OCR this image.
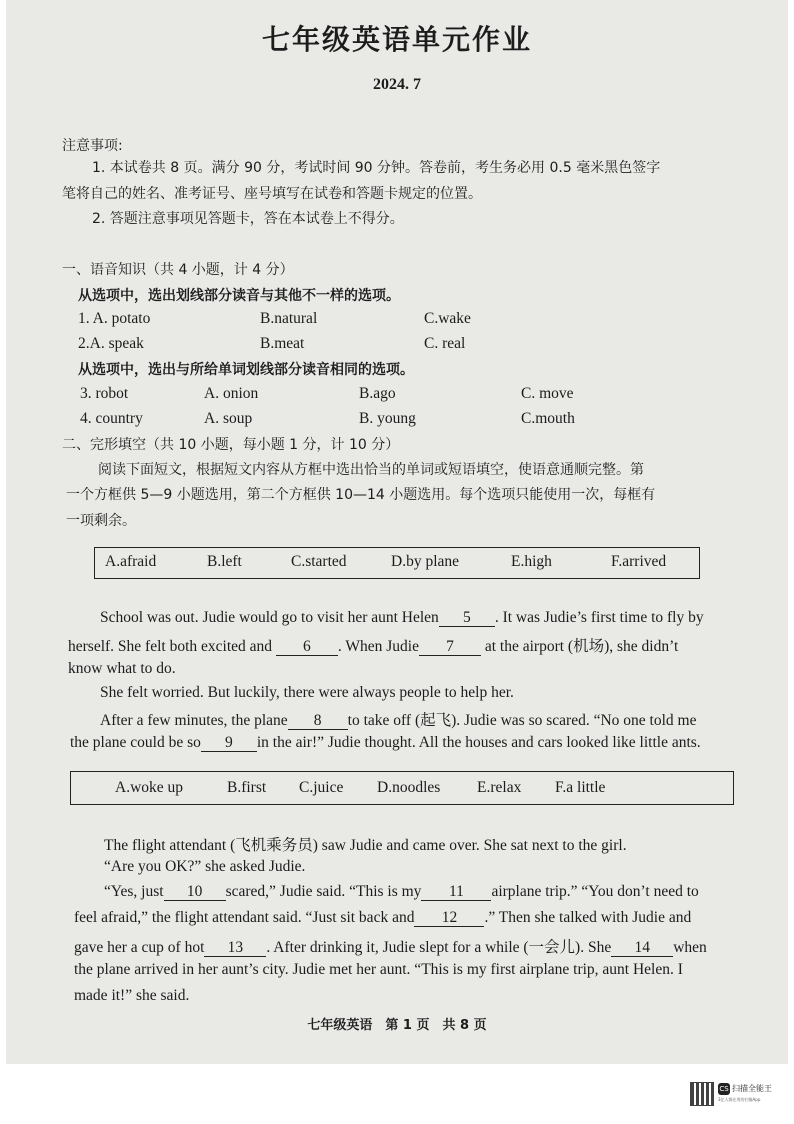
七年级英语单元作业
2024. 7
注意事项:
1. 本试卷共 8 页。满分 90 分，考试时间 90 分钟。答卷前，考生务必用 0.5 毫米黑色签字
笔将自己的姓名、准考证号、座号填写在试卷和答题卡规定的位置。
2. 答题注意事项见答题卡，答在本试卷上不得分。
一、语音知识（共 4 小题，计 4 分）
从选项中，选出划线部分读音与其他不一样的选项。
1. A. potato	B.natural	C.wake
2.A. speak	B.meat	C. real
从选项中，选出与所给单词划线部分读音相同的选项。
3. robot	A. onion	B.ago	C. move
4. country	A. soup	B. young	C.mouth
二、完形填空（共 10 小题，每小题 1 分，计 10 分）
阅读下面短文，根据短文内容从方框中选出恰当的单词或短语填空，使语意通顺完整。第
一个方框供 5—9 小题选用，第二个方框供 10—14 小题选用。每个选项只能使用一次，每框有
一项剩余。
A.afraid	B.left	C.started	D.by plane	E.high	F.arrived
School was out. Judie would go to visit her aunt Helen 5 . It was Judie’s first time to fly by
herself. She felt both excited and 6 . When Judie 7 at the airport (机场), she didn’t
know what to do.
She felt worried. But luckily, there were always people to help her.
After a few minutes, the plane 8 to take off (起飞). Judie was so scared. “No one told me
the plane could be so 9 in the air!” Judie thought. All the houses and cars looked like little ants.
A.woke up	B.first C.juice D.noodles E.relax F.a little
The flight attendant (飞机乘务员) saw Judie and came over. She sat next to the girl.
“Are you OK?” she asked Judie.
“Yes, just 10 scared,” Judie said. “This is my 11 airplane trip.” “You don’t need to
feel afraid,” the flight attendant said. “Just sit back and 12 .” Then she talked with Judie and
gave her a cup of hot 13 . After drinking it, Judie slept for a while (一会儿). She 14 when
the plane arrived in her aunt’s city. Judie met her aunt. “This is my first airplane trip, aunt Helen. I
made it!” she said.
七年级英语　第 1 页　共 8 页
CS 扫描全能王
3亿人都在用的扫描App
